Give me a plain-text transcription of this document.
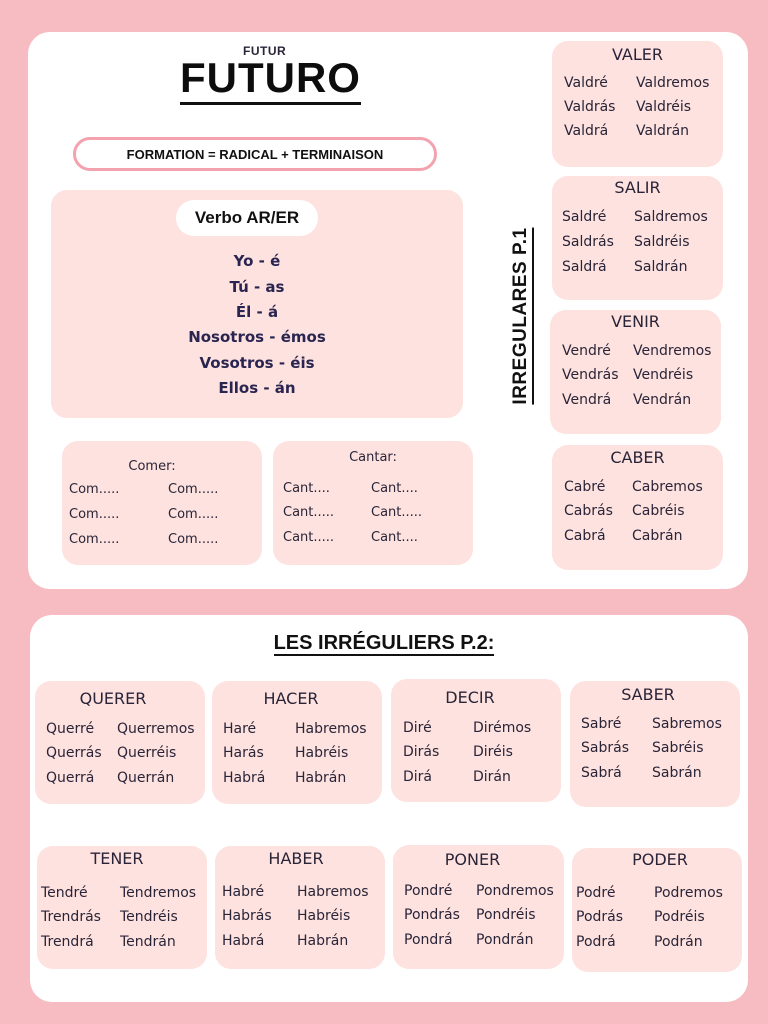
FUTUR
FUTURO
FORMATION = RADICAL + TERMINAISON
Verbo AR/ER
Yo - é
Tú - as
Él - á
Nosotros - émos
Vosotros - éis
Ellos - án
Comer:
Com.....	Com.....
Com.....	Com.....
Com.....	Com.....
Cantar:
Cant....	Cant....
Cant.....	Cant.....
Cant.....	Cant....
IRREGULARES P.1
VALER
Valdré Valdremos
Valdrás Valdréis
Valdrá Valdrán
SALIR
Saldré Saldremos
Saldrás Saldréis
Saldrá Saldrán
VENIR
Vendré Vendremos
Vendrás Vendréis
Vendrá Vendrán
CABER
Cabré Cabremos
Cabrás Cabréis
Cabrá Cabrán
LES IRRÉGULIERS P.2:
QUERER
Querré Querremos
Querrás Querréis
Querrá Querrán
HACER
Haré	Habremos
Harás Habréis
Habrá Habrán
DECIR
Diré	Dirémos
Dirás Diréis
Dirá	Dirán
SABER
Sabré Sabremos
Sabrás Sabréis
Sabrá Sabrán
TENER
Tendré Tendremos
Trendrás Tendréis
Trendrá Tendrán
HABER
Habré Habremos
Habrás Habréis
Habrá Habrán
PONER
Pondré Pondremos
Pondrás Pondréis
Pondrá Pondrán
PODER
Podré	Podremos
Podrás Podréis
Podrá	Podrán
